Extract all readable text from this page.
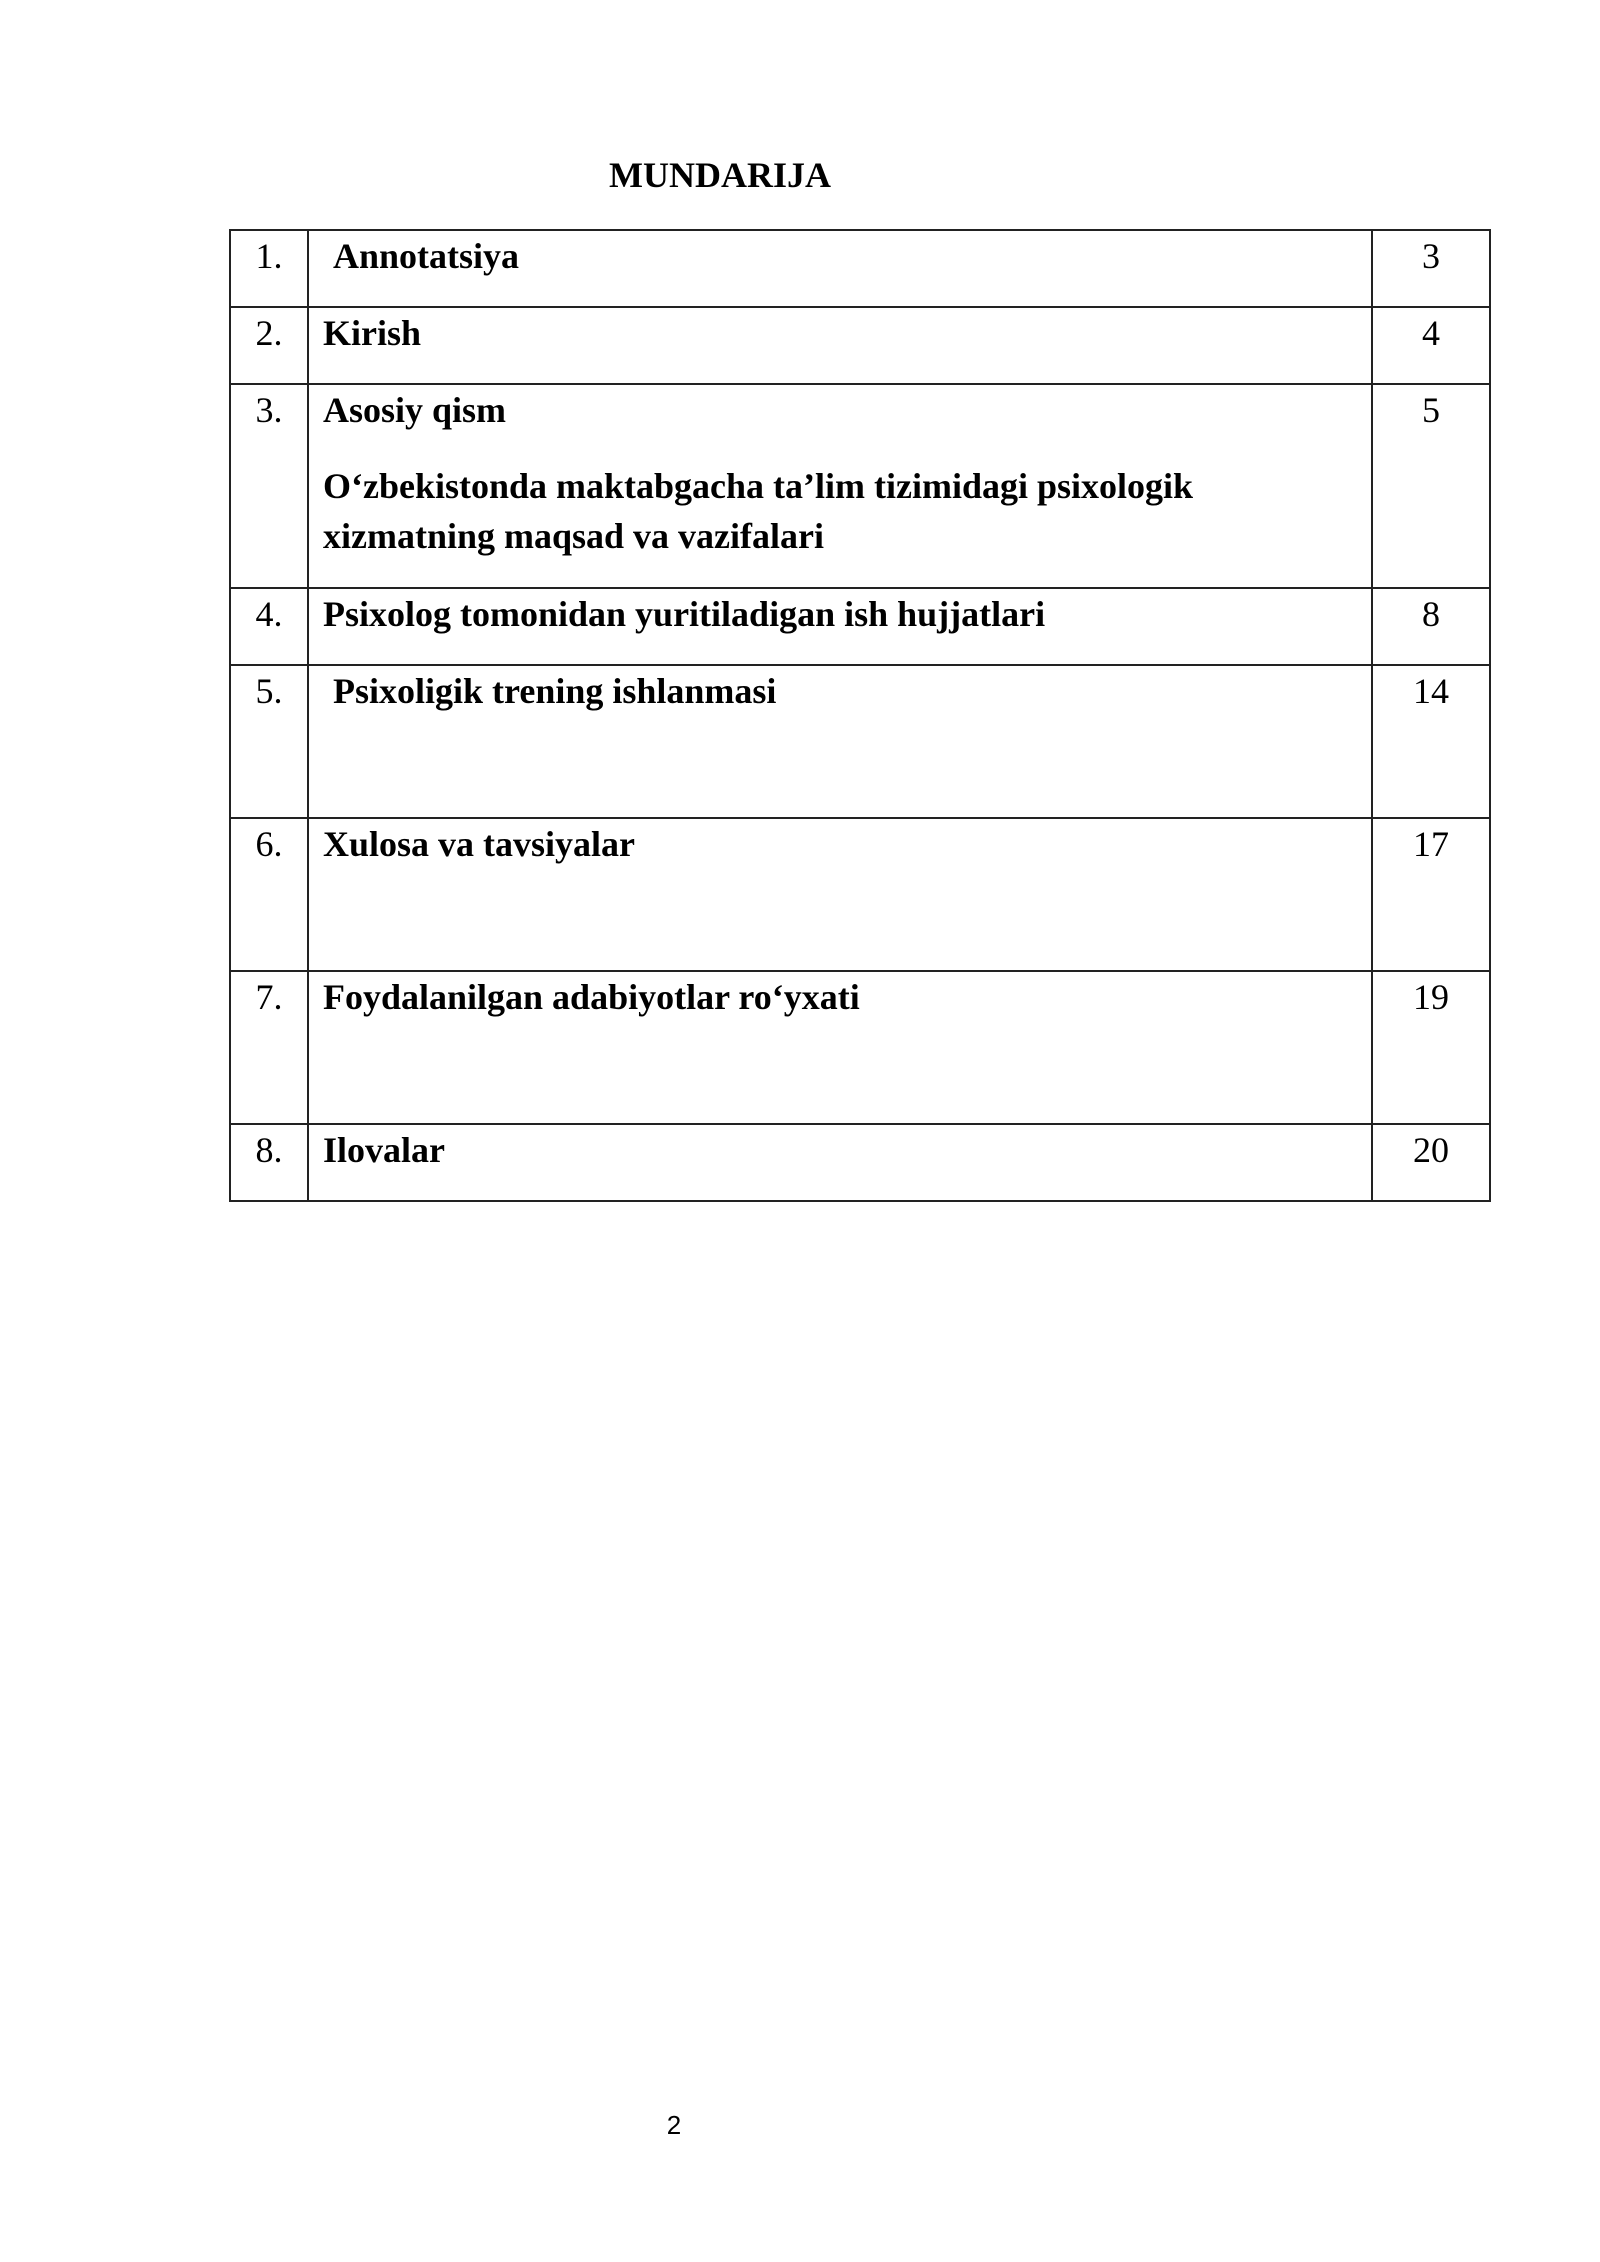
MUNDARIJA
1.	Annotatsiya	3
2.	Kirish	4
3.	Asosiy qism
O‘zbekistonda maktabgacha ta’lim tizimidagi psixologik xizmatning maqsad va vazifalari	5
4.	Psixolog tomonidan yuritiladigan ish hujjatlari	8
5.	Psixoligik trening ishlanmasi	14
6.	Xulosa va tavsiyalar	17
7.	Foydalanilgan adabiyotlar ro‘yxati	19
8.	Ilovalar	20
2
